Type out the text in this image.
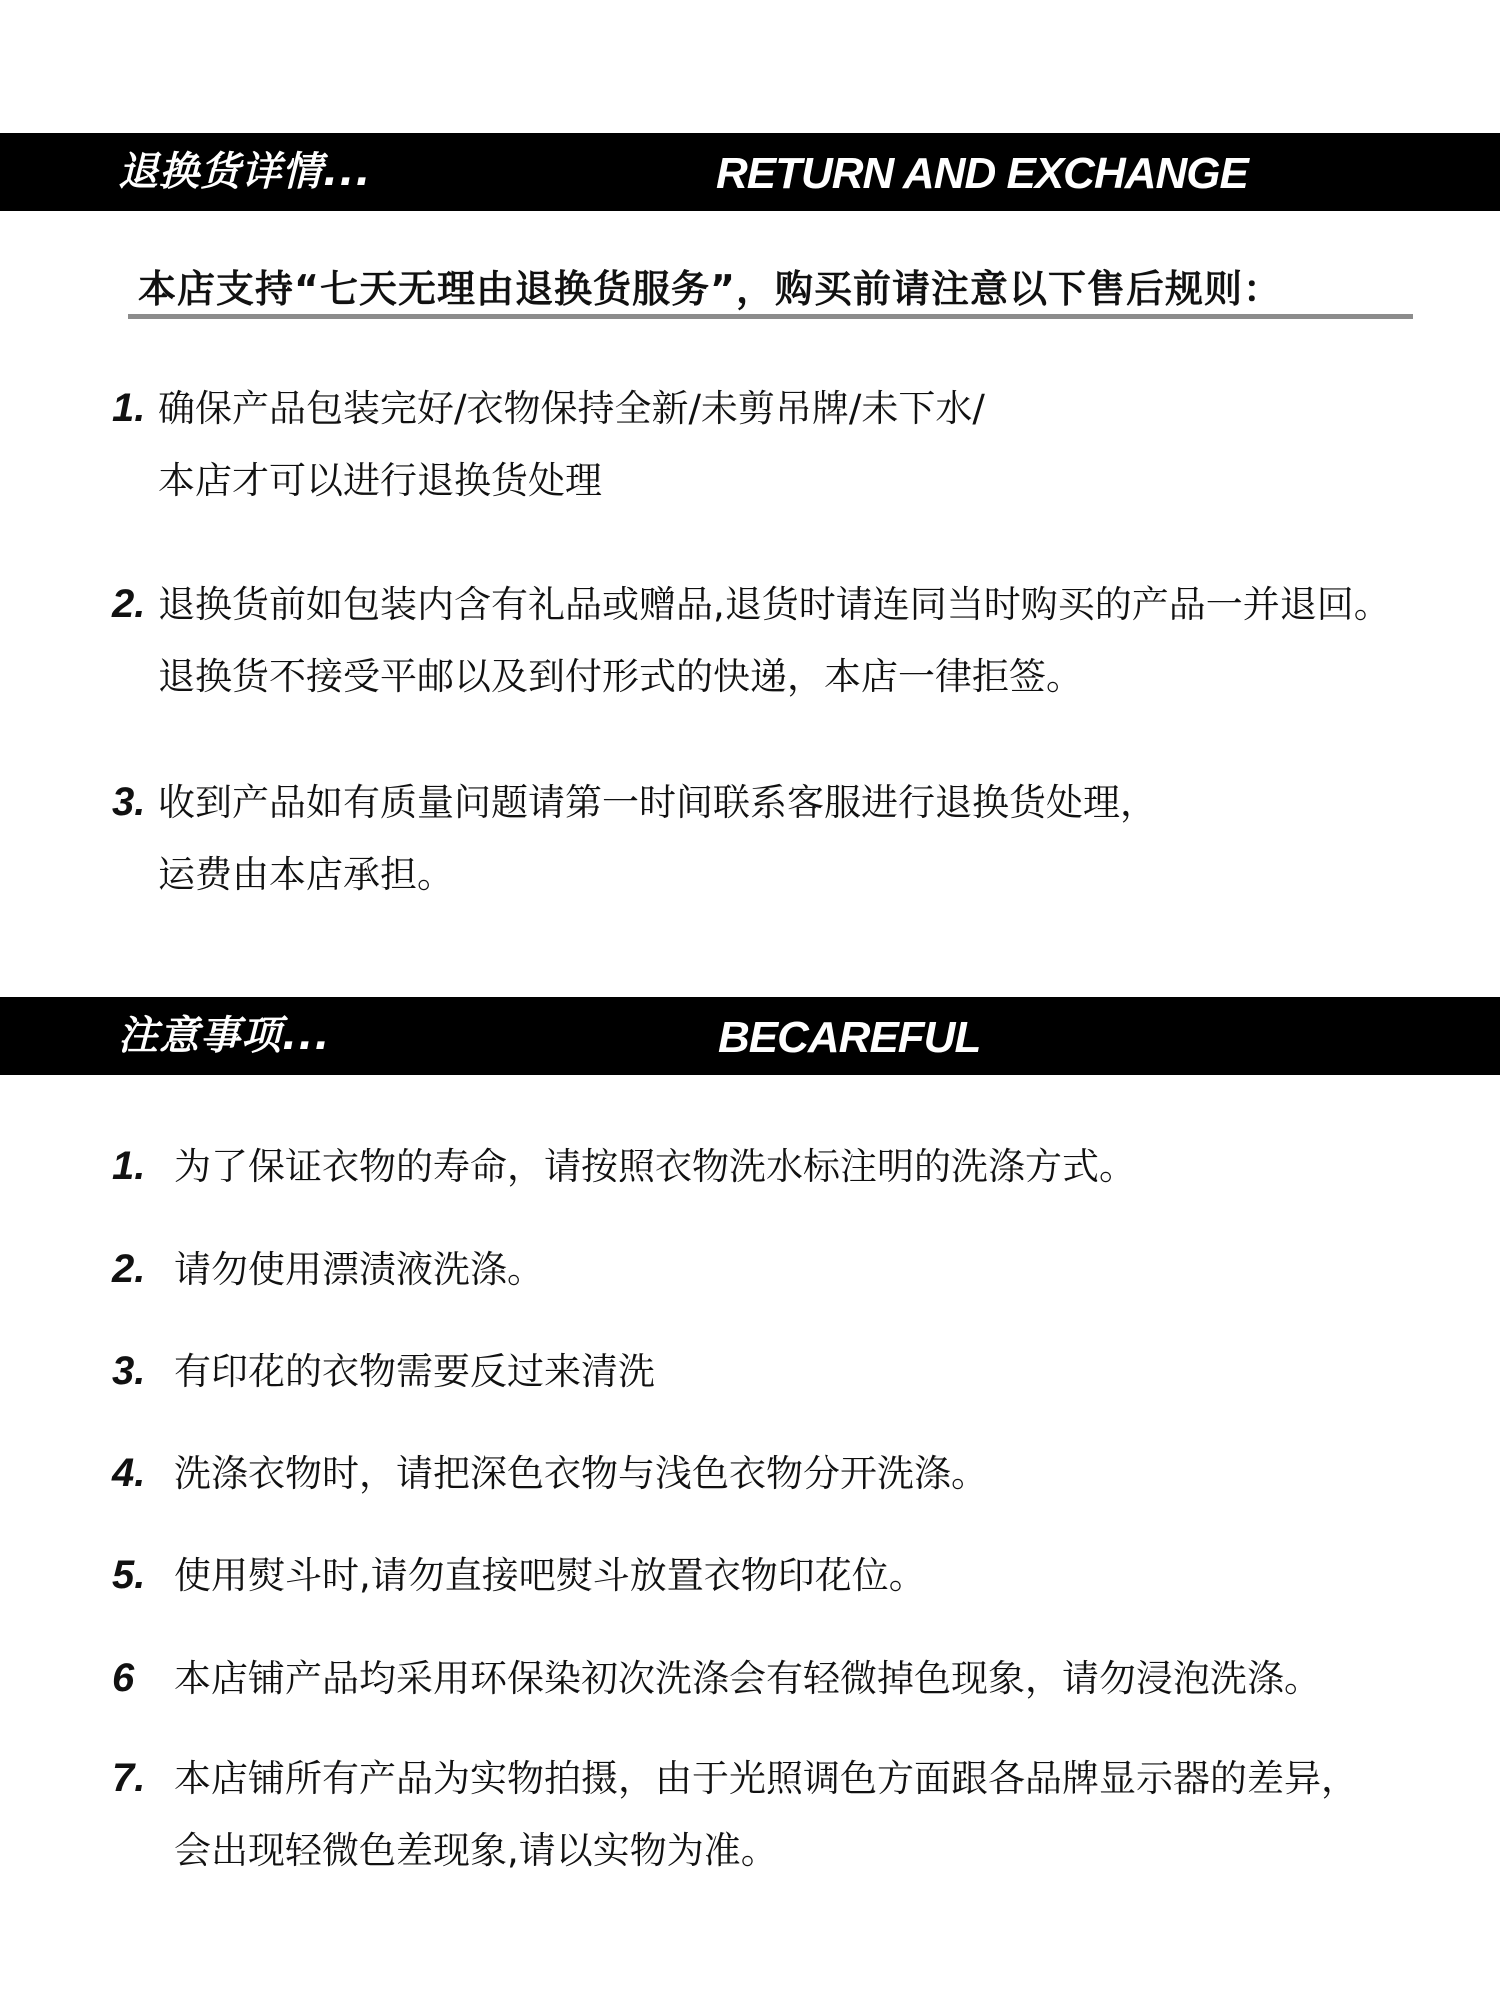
退换货详情...	RETURN AND EXCHANGE
本店支持“七天无理由退换货服务”，购买前请注意以下售后规则：
1. 确保产品包装完好/衣物保持全新/未剪吊牌/未下水/
本店才可以进行退换货处理
2. 退换货前如包装内含有礼品或赠品,退货时请连同当时购买的产品一并退回。
退换货不接受平邮以及到付形式的快递，本店一律拒签。
3. 收到产品如有质量问题请第一时间联系客服进行退换货处理，
运费由本店承担。
注意事项...	BECAREFUL
1. 为了保证衣物的寿命，请按照衣物洗水标注明的洗涤方式。
2. 请勿使用漂渍液洗涤。
3. 有印花的衣物需要反过来清洗
4. 洗涤衣物时，请把深色衣物与浅色衣物分开洗涤。
5. 使用熨斗时,请勿直接吧熨斗放置衣物印花位。
6 本店铺产品均采用环保染初次洗涤会有轻微掉色现象，请勿浸泡洗涤。
7. 本店铺所有产品为实物拍摄，由于光照调色方面跟各品牌显示器的差异，
会出现轻微色差现象,请以实物为准。
